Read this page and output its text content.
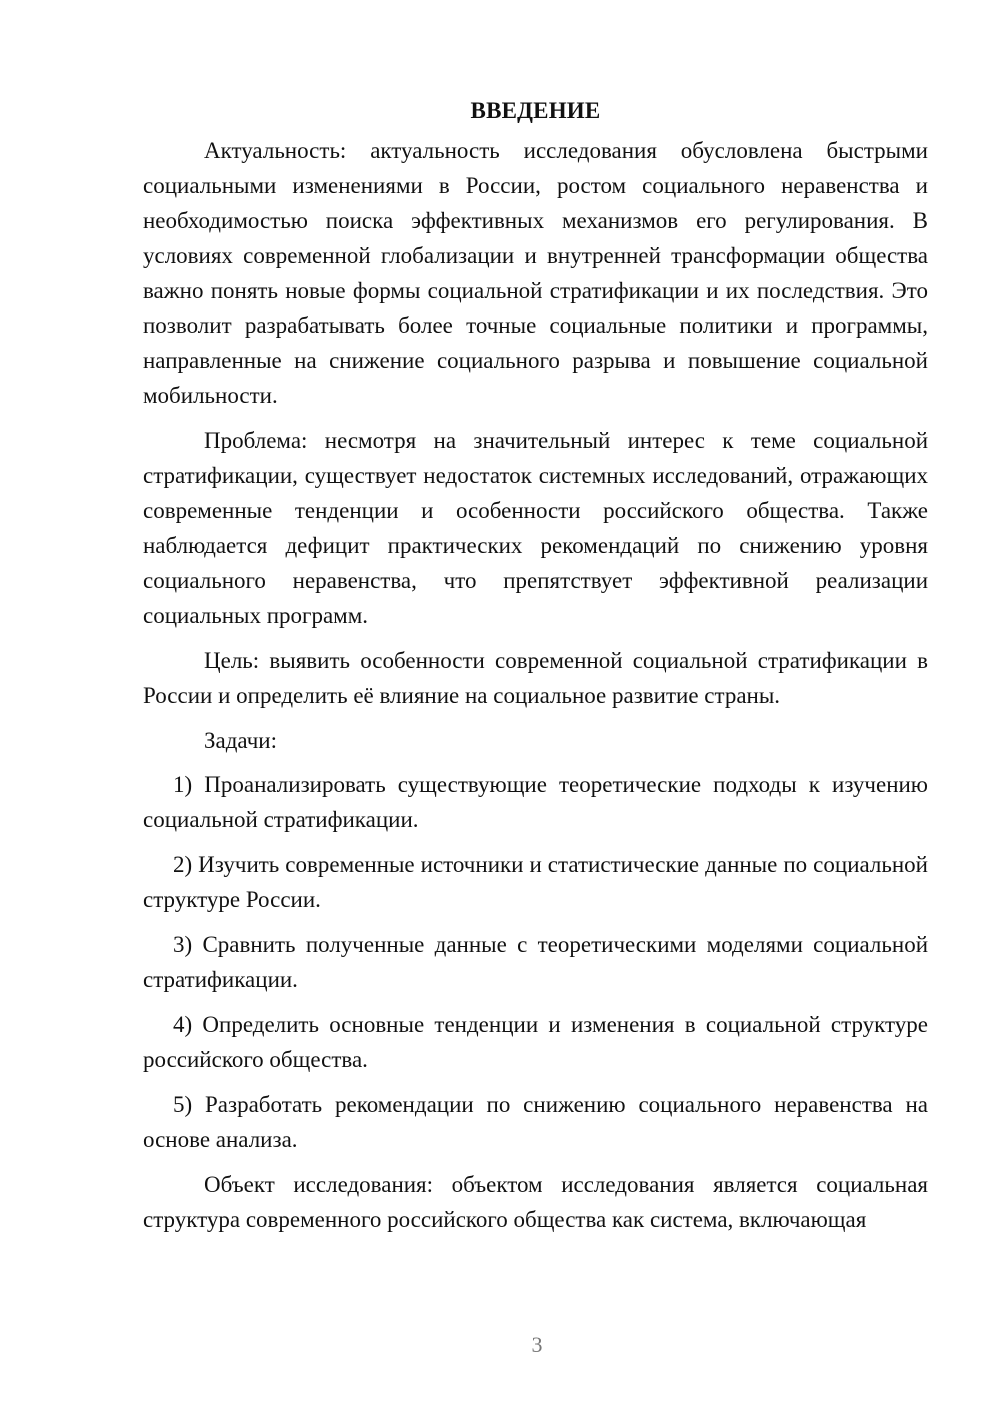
ВВЕДЕНИЕ

Актуальность: актуальность исследования обусловлена быстрыми социальными изменениями в России, ростом социального неравенства и необходимостью поиска эффективных механизмов его регулирования. В условиях современной глобализации и внутренней трансформации общества важно понять новые формы социальной стратификации и их последствия. Это позволит разрабатывать более точные социальные политики и программы, направленные на снижение социального разрыва и повышение социальной мобильности.

Проблема: несмотря на значительный интерес к теме социальной стратификации, существует недостаток системных исследований, отражающих современные тенденции и особенности российского общества. Также наблюдается дефицит практических рекомендаций по снижению уровня социального неравенства, что препятствует эффективной реализации социальных программ.

Цель: выявить особенности современной социальной стратификации в России и определить её влияние на социальное развитие страны.

Задачи:

1) Проанализировать существующие теоретические подходы к изучению социальной стратификации.

2) Изучить современные источники и статистические данные по социальной структуре России.

3) Сравнить полученные данные с теоретическими моделями социальной стратификации.

4) Определить основные тенденции и изменения в социальной структуре российского общества.

5) Разработать рекомендации по снижению социального неравенства на основе анализа.

Объект исследования: объектом исследования является социальная структура современного российского общества как система, включающая

3
